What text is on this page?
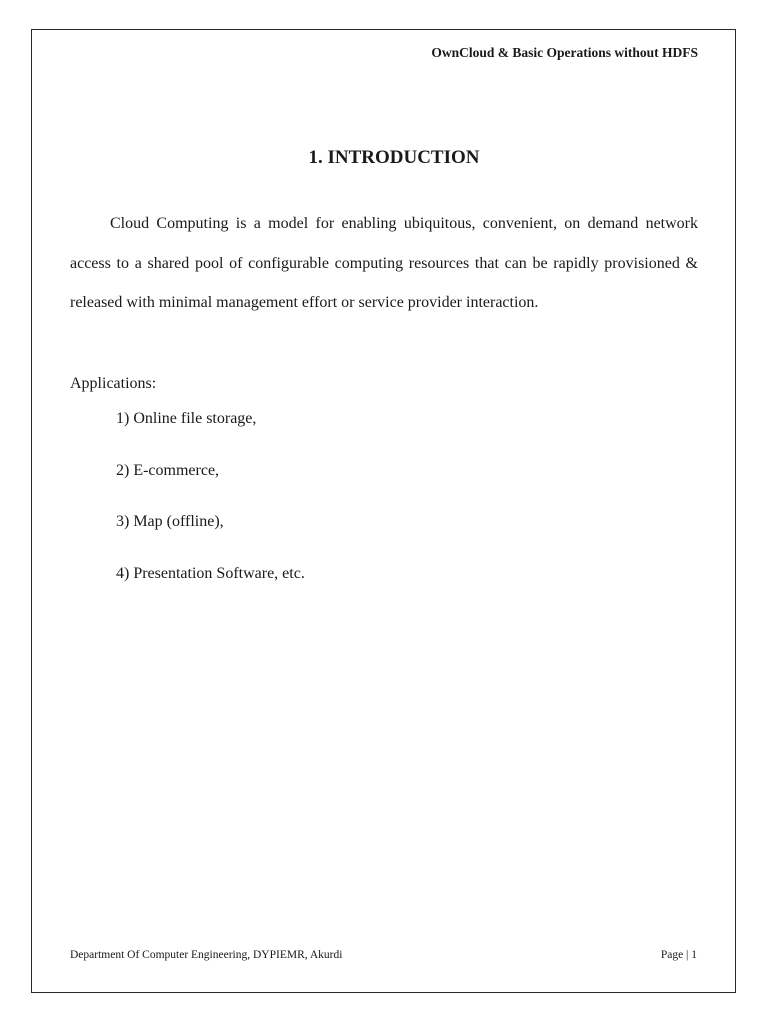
OwnCloud & Basic Operations without HDFS
1. INTRODUCTION

Cloud Computing is a model for enabling ubiquitous, convenient, on demand network access to a shared pool of configurable computing resources that can be rapidly provisioned & released with minimal management effort or service provider interaction.

Applications:
1) Online file storage,
2) E-commerce,
3) Map (offline),
4) Presentation Software, etc.
Department Of Computer Engineering, DYPIEMR, Akurdi	Page | 1
